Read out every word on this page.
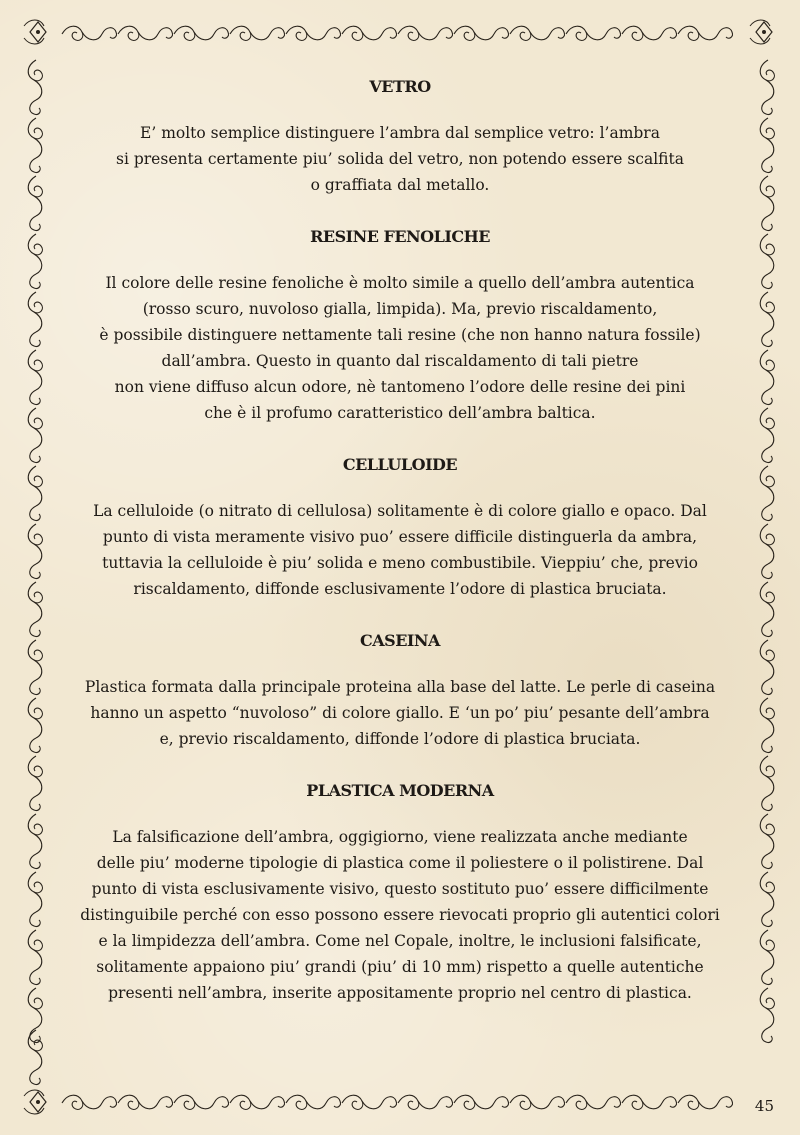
VETRO

E’ molto semplice distinguere l’ambra dal semplice vetro: l’ambra
si presenta certamente piu’ solida del vetro, non potendo essere scalfita
o graffiata dal metallo.

RESINE FENOLICHE

Il colore delle resine fenoliche è molto simile a quello dell’ambra autentica
(rosso scuro, nuvoloso gialla, limpida). Ma, previo riscaldamento,
è possibile distinguere nettamente tali resine (che non hanno natura fossile)
dall’ambra. Questo in quanto dal riscaldamento di tali pietre
non viene diffuso alcun odore, nè tantomeno l’odore delle resine dei pini
che è il profumo caratteristico dell’ambra baltica.

CELLULOIDE

La celluloide (o nitrato di cellulosa) solitamente è di colore giallo e opaco. Dal
punto di vista meramente visivo puo’ essere difficile distinguerla da ambra,
tuttavia la celluloide è piu’ solida e meno combustibile. Vieppiu’ che, previo
riscaldamento, diffonde esclusivamente l’odore di plastica bruciata.

CASEINA

Plastica formata dalla principale proteina alla base del latte. Le perle di caseina
hanno un aspetto “nuvoloso” di colore giallo. E ‘un po’ piu’ pesante dell’ambra
e, previo riscaldamento, diffonde l’odore di plastica bruciata.

PLASTICA MODERNA

La falsificazione dell’ambra, oggigiorno, viene realizzata anche mediante
delle piu’ moderne tipologie di plastica come il poliestere o il polistirene. Dal
punto di vista esclusivamente visivo, questo sostituto puo’ essere difficilmente
distinguibile perché con esso possono essere rievocati proprio gli autentici colori
e la limpidezza dell’ambra. Come nel Copale, inoltre, le inclusioni falsificate,
solitamente appaiono piu’ grandi (piu’ di 10 mm) rispetto a quelle autentiche
presenti nell’ambra, inserite appositamente proprio nel centro di plastica.

45
